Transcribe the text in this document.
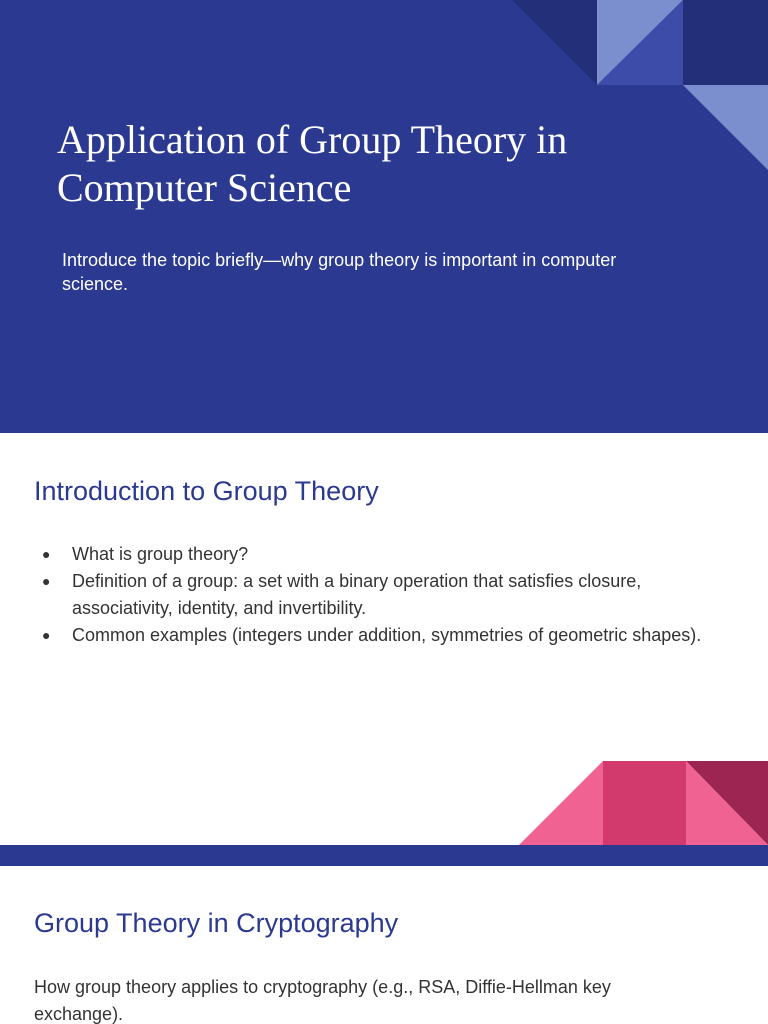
Application of Group Theory in Computer Science

Introduce the topic briefly—why group theory is important in computer science.

Introduction to Group Theory
● What is group theory?
● Definition of a group: a set with a binary operation that satisfies closure, associativity, identity, and invertibility.
● Common examples (integers under addition, symmetries of geometric shapes).
Group Theory in Cryptography

How group theory applies to cryptography (e.g., RSA, Diffie-Hellman key exchange).
